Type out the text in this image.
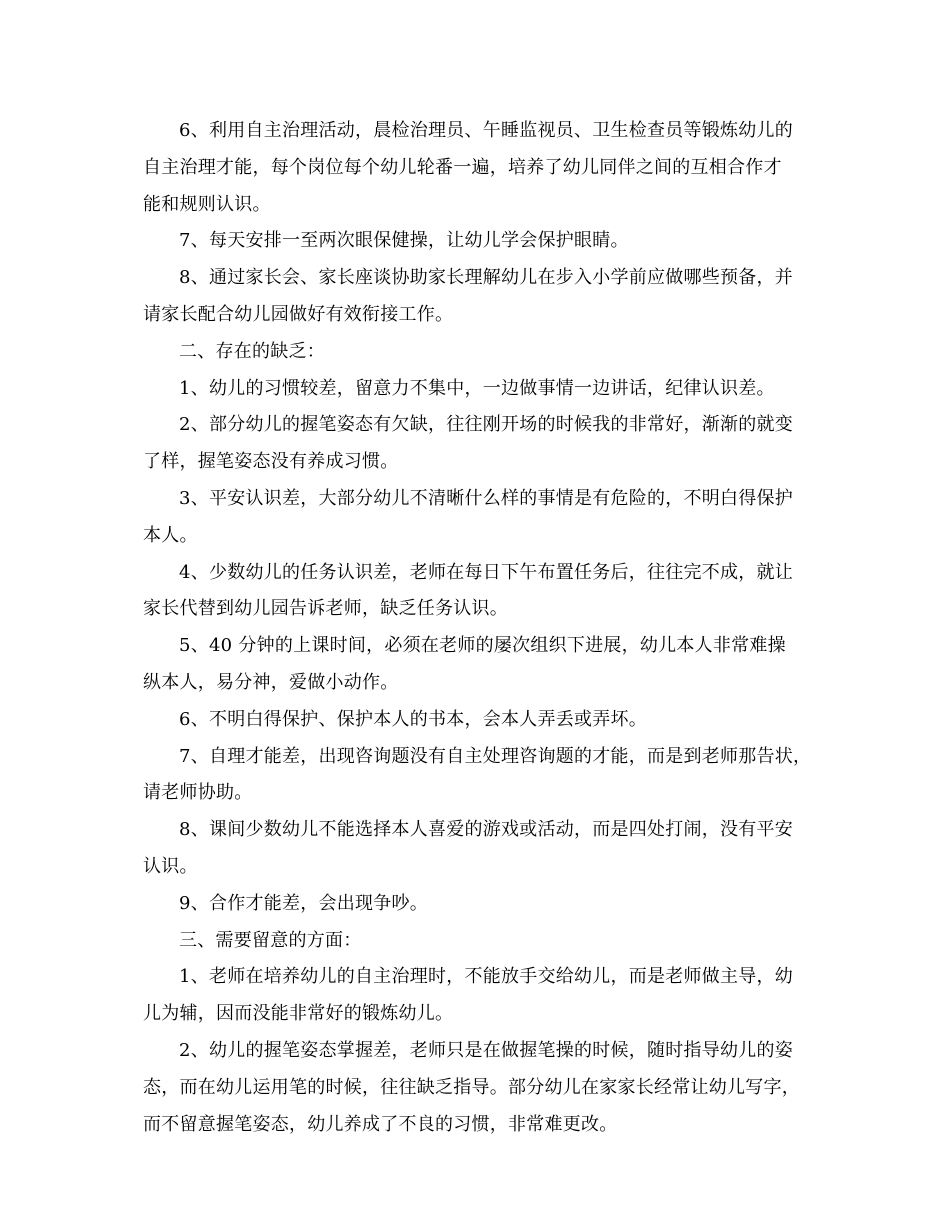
6、利用自主治理活动，晨检治理员、午睡监视员、卫生检查员等锻炼幼儿的
自主治理才能，每个岗位每个幼儿轮番一遍，培养了幼儿同伴之间的互相合作才
能和规则认识。

7、每天安排一至两次眼保健操，让幼儿学会保护眼睛。

8、通过家长会、家长座谈协助家长理解幼儿在步入小学前应做哪些预备，并
请家长配合幼儿园做好有效衔接工作。

二、存在的缺乏：

1、幼儿的习惯较差，留意力不集中，一边做事情一边讲话，纪律认识差。

2、部分幼儿的握笔姿态有欠缺，往往刚开场的时候我的非常好，渐渐的就变
了样，握笔姿态没有养成习惯。

3、平安认识差，大部分幼儿不清晰什么样的事情是有危险的，不明白得保护
本人。

4、少数幼儿的任务认识差，老师在每日下午布置任务后，往往完不成，就让
家长代替到幼儿园告诉老师，缺乏任务认识。

5、40 分钟的上课时间，必须在老师的屡次组织下进展，幼儿本人非常难操
纵本人，易分神，爱做小动作。

6、不明白得保护、保护本人的书本，会本人弄丢或弄坏。

7、自理才能差，出现咨询题没有自主处理咨询题的才能，而是到老师那告状，
请老师协助。

8、课间少数幼儿不能选择本人喜爱的游戏或活动，而是四处打闹，没有平安
认识。

9、合作才能差，会出现争吵。

三、需要留意的方面：

1、老师在培养幼儿的自主治理时，不能放手交给幼儿，而是老师做主导，幼
儿为辅，因而没能非常好的锻炼幼儿。

2、幼儿的握笔姿态掌握差，老师只是在做握笔操的时候，随时指导幼儿的姿
态，而在幼儿运用笔的时候，往往缺乏指导。部分幼儿在家家长经常让幼儿写字，
而不留意握笔姿态，幼儿养成了不良的习惯，非常难更改。
